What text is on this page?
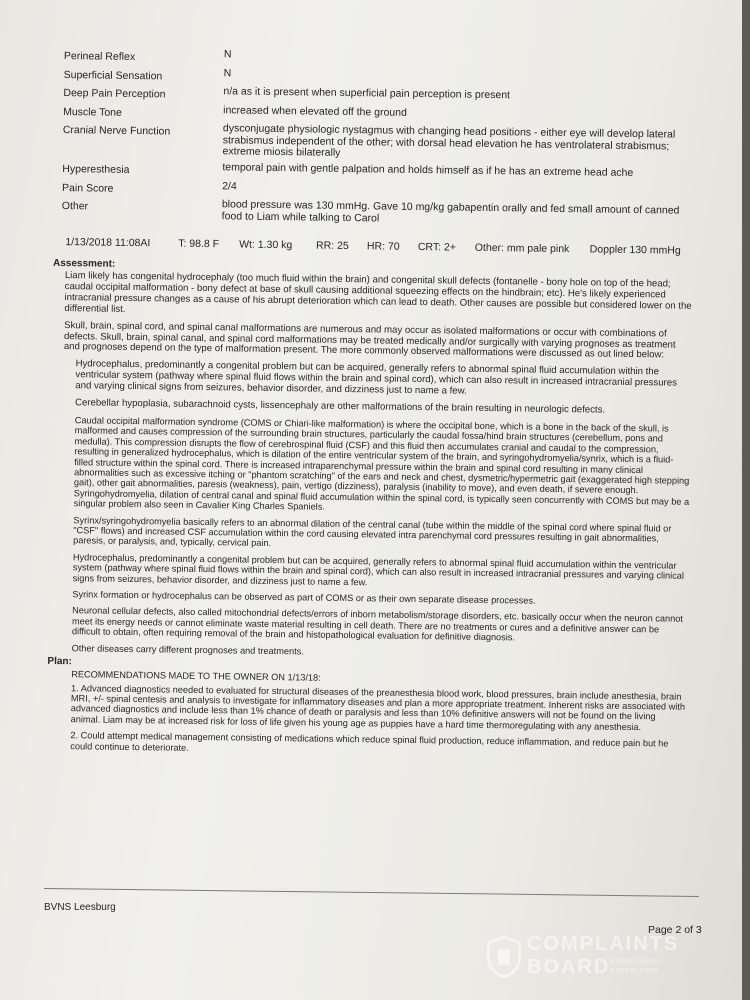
Perineal Reflex	N
Superficial Sensation	N
Deep Pain Perception	n/a as it is present when superficial pain perception is present
Muscle Tone	increased when elevated off the ground
Cranial Nerve Function	dysconjugate physiologic nystagmus with changing head positions - either eye will develop lateral strabismus independent of the other; with dorsal head elevation he has ventrolateral strabismus; extreme miosis bilaterally
Hyperesthesia	temporal pain with gentle palpation and holds himself as if he has an extreme head ache
Pain Score	2/4
Other	blood pressure was 130 mmHg. Gave 10 mg/kg gabapentin orally and fed small amount of canned food to Liam while talking to Carol
1/13/2018 11:08AI	T: 98.8 F Wt: 1.30 kg RR: 25 HR: 70 CRT: 2+ Other: mm pale pink Doppler 130 mmHg
Assessment:
Liam likely has congenital hydrocephaly (too much fluid within the brain) and congenital skull defects (fontanelle - bony hole on top of the head; caudal occipital malformation - bony defect at base of skull causing additional squeezing effects on the hindbrain; etc). He's likely experienced intracranial pressure changes as a cause of his abrupt deterioration which can lead to death. Other causes are possible but considered lower on the differential list.
Skull, brain, spinal cord, and spinal canal malformations are numerous and may occur as isolated malformations or occur with combinations of defects. Skull, brain, spinal canal, and spinal cord malformations may be treated medically and/or surgically with varying prognoses as treatment and prognoses depend on the type of malformation present. The more commonly observed malformations were discussed as out lined below:
Hydrocephalus, predominantly a congenital problem but can be acquired, generally refers to abnormal spinal fluid accumulation within the ventricular system (pathway where spinal fluid flows within the brain and spinal cord), which can also result in increased intracranial pressures and varying clinical signs from seizures, behavior disorder, and dizziness just to name a few.
Cerebellar hypoplasia, subarachnoid cysts, lissencephaly are other malformations of the brain resulting in neurologic defects.
Caudal occipital malformation syndrome (COMS or Chiari-like malformation) is where the occipital bone, which is a bone in the back of the skull, is malformed and causes compression of the surrounding brain structures, particularly the caudal fossa/hind brain structures (cerebellum, pons and medulla). This compression disrupts the flow of cerebrospinal fluid (CSF) and this fluid then accumulates cranial and caudal to the compression, resulting in generalized hydrocephalus, which is dilation of the entire ventricular system of the brain, and syringohydromyelia/synrix, which is a fluid-filled structure within the spinal cord. There is increased intraparenchymal pressure within the brain and spinal cord resulting in many clinical abnormalities such as excessive itching or "phantom scratching" of the ears and neck and chest, dysmetric/hypermetric gait (exaggerated high stepping gait), other gait abnormalities, paresis (weakness), pain, vertigo (dizziness), paralysis (inability to move), and even death, if severe enough. Syringohydromyelia, dilation of central canal and spinal fluid accumulation within the spinal cord, is typically seen concurrently with COMS but may be a singular problem also seen in Cavalier King Charles Spaniels.
Syrinx/syringohydromyelia basically refers to an abnormal dilation of the central canal (tube within the middle of the spinal cord where spinal fluid or "CSF" flows) and increased CSF accumulation within the cord causing elevated intra parenchymal cord pressures resulting in gait abnormalities, paresis, or paralysis, and, typically, cervical pain.
Hydrocephalus, predominantly a congenital problem but can be acquired, generally refers to abnormal spinal fluid accumulation within the ventricular system (pathway where spinal fluid flows within the brain and spinal cord), which can also result in increased intracranial pressures and varying clinical signs from seizures, behavior disorder, and dizziness just to name a few.
Syrinx formation or hydrocephalus can be observed as part of COMS or as their own separate disease processes.
Neuronal cellular defects, also called mitochondrial defects/errors of inborn metabolism/storage disorders, etc. basically occur when the neuron cannot meet its energy needs or cannot eliminate waste material resulting in cell death. There are no treatments or cures and a definitive answer can be difficult to obtain, often requiring removal of the brain and histopathological evaluation for definitive diagnosis.
Other diseases carry different prognoses and treatments.
Plan:
RECOMMENDATIONS MADE TO THE OWNER ON 1/13/18:
1. Advanced diagnostics needed to evaluated for structural diseases of the preanesthesia blood work, blood pressures, brain include anesthesia, brain MRI, +/- spinal centesis and analysis to investigate for inflammatory diseases and plan a more appropriate treatment. Inherent risks are associated with advanced diagnostics and include less than 1% chance of death or paralysis and less than 10% definitive answers will not be found on the living animal. Liam may be at increased risk for loss of life given his young age as puppies have a hard time thermoregulating with any anesthesia.
2. Could attempt medical management consisting of medications which reduce spinal fluid production, reduce inflammation, and reduce pain but he could continue to deteriorate.
BVNS Leesburg
Page 2 of 3
COMPLAINTS
BOARD RESOLVING
SINCE 2004
